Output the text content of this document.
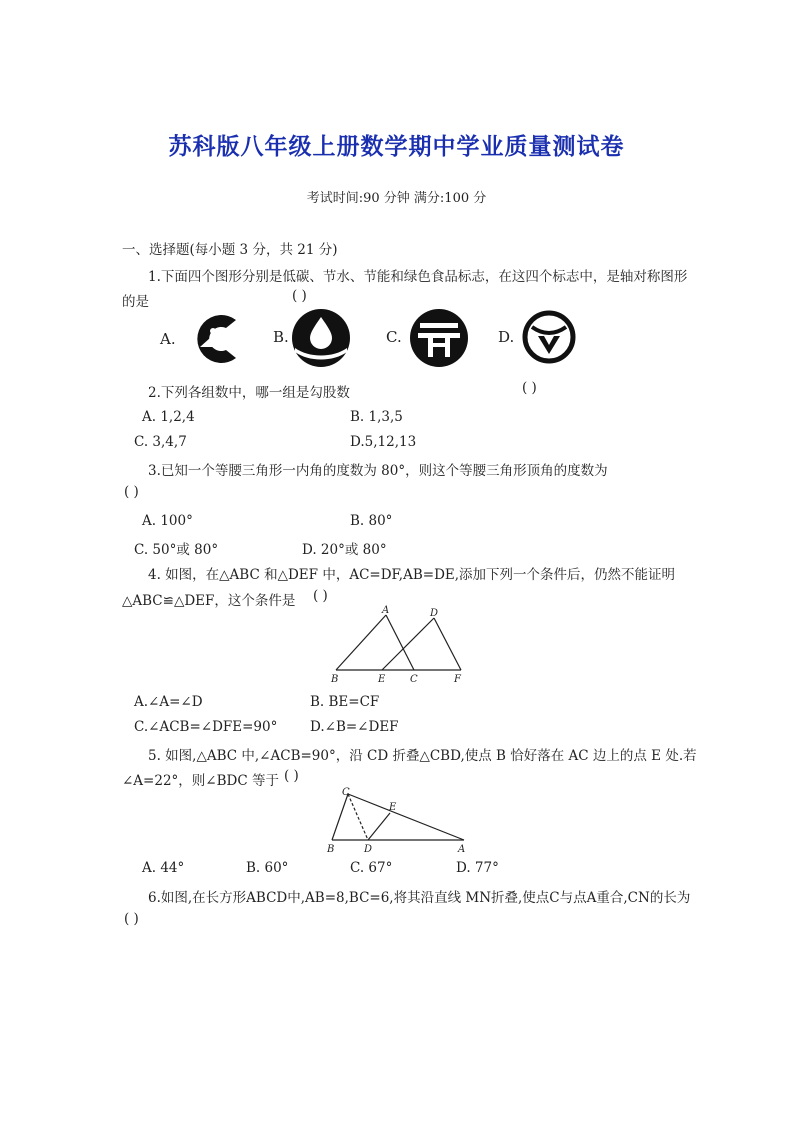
苏科版八年级上册数学期中学业质量测试卷
考试时间:90 分钟 满分:100 分
一、选择题(每小题 3 分，共 21 分)
1.下面四个图形分别是低碳、节水、节能和绿色食品标志，在这四个标志中，是轴对称图形
的是	( )
A.	B.	C.	D.
2.下列各组数中，哪一组是勾股数	( )
A. 1,2,4	B. 1,3,5
C. 3,4,7	D.5,12,13
3.已知一个等腰三角形一内角的度数为 80°，则这个等腰三角形顶角的度数为
( )
A. 100°	B. 80°
C. 50°或 80°	D. 20°或 80°
4. 如图，在△ABC 和△DEF 中，AC=DF,AB=DE,添加下列一个条件后，仍然不能证明
△ABC≌△DEF，这个条件是 ( )
A	D
B	E C	F
A.∠A=∠D	B. BE=CF
C.∠ACB=∠DFE=90° D.∠B=∠DEF
5. 如图,△ABC 中,∠ACB=90°，沿 CD 折叠△CBD,使点 B 恰好落在 AC 边上的点 E 处.若
∠A=22°，则∠BDC 等于 ( )
C
E
B	D	A
A. 44°	B. 60°	C. 67°	D. 77°
6.如图,在长方形ABCD中,AB=8,BC=6,将其沿直线 MN折叠,使点C与点A重合,CN的长为
( )
